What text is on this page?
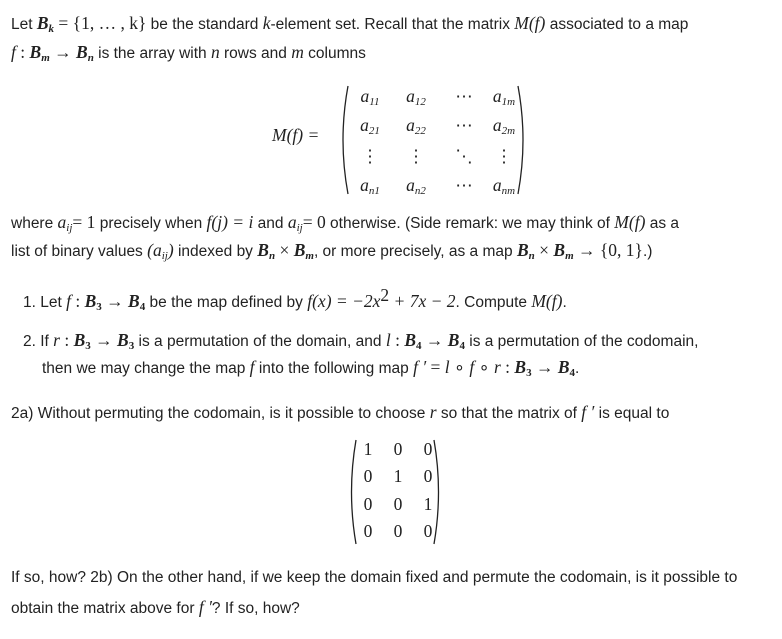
Let $B_k = \{1$, … , k} be the standard k-element set. Recall that the matrix M(f) associated to a map
f : $B_m \to B_n$ is the array with n rows and m columns
M(f) =
$a_{11}$	$a_{12}$	⋯	$a_{1m}$
$a_{21}$	$a_{22}$	⋯	$a_{2m}$
⋮	⋮	⋱	⋮
$a_{n1}$	$a_{n2}$	⋯	$a_{nm}$
where $a_{ij}= 1$ precisely when f(j) = i and $a_{ij}= 0$ otherwise. (Side remark: we may think of M(f) as a
list of binary values $(a_{ij})$ indexed by $B_n \times B_m$, or more precisely, as a map $B_n \times B_m \to \{0$, 1}.)
1. Let f : $B_3 \to B_4$ be the map defined by $f(x) = -2x^2 + 7x - 2$. Compute M(f).
2. If r : $B_3 \to B_3$ is a permutation of the domain, and l : $B_4 \to B_4$ is a permutation of the codomain,
then we may change the map f into the following map f ′ = l ∘ f ∘ r : $B_3 \to B_4$.
2a) Without permuting the codomain, is it possible to choose r so that the matrix of f ′ is equal to
1	0	0
0	1	0
0	0	1
0	0	0
If so, how? 2b) On the other hand, if we keep the domain fixed and permute the codomain, is it possible to
obtain the matrix above for f ′? If so, how?
